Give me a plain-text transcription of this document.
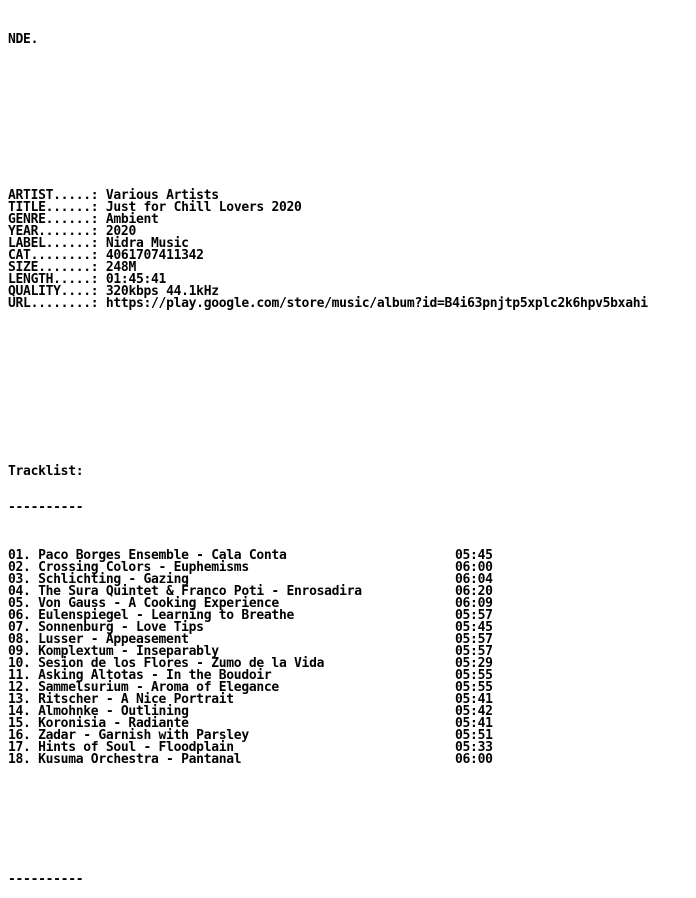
NDE.

ARTIST.....: Various Artists
TITLE......: Just for Chill Lovers 2020
GENRE......: Ambient
YEAR.......: 2020
LABEL......: Nidra Music
CAT........: 4061707411342
SIZE.......: 248M
LENGTH.....: 01:45:41
QUALITY....: 320kbps 44.1kHz
URL........: https://play.google.com/store/music/album?id=B4i63pnjtp5xplc2k6hpv5bxahi

Tracklist:

----------

01. Paco Borges Ensemble - Cala Conta	05:45
02. Crossing Colors - Euphemisms	06:00
03. Schlichting - Gazing	06:04
04. The Sura Quintet & Franco Poti - Enrosadira	06:20
05. Von Gauss - A Cooking Experience	06:09
06. Eulenspiegel - Learning to Breathe	05:57
07. Sonnenburg - Love Tips	05:45
08. Lusser - Appeasement	05:57
09. Komplextum - Inseparably	05:57
10. Sesion de los Flores - Zumo de la Vida	05:29
11. Asking Altotas - In the Boudoir	05:55
12. Sammelsurium - Aroma of Elegance	05:55
13. Ritscher - A Nice Portrait	05:41
14. Almohnke - Outlining	05:42
15. Koronisia - Radiante	05:41
16. Zadar - Garnish with Parsley	05:51
17. Hints of Soul - Floodplain	05:33
18. Kusuma Orchestra - Pantanal	06:00

----------
